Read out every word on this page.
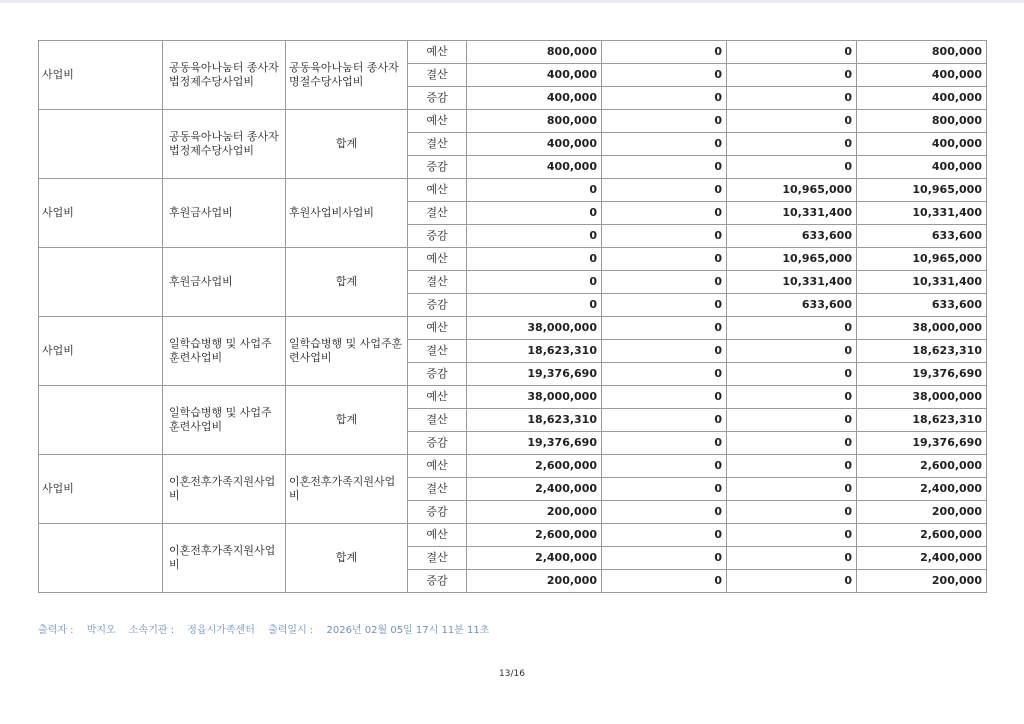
사업비	공동육아나눔터 종사자 법정제수당사업비	공동육아나눔터 종사자 명절수당사업비	예산	800,000	0	0	800,000
			결산	400,000	0	0	400,000
			증감	400,000	0	0	400,000
	공동육아나눔터 종사자 법정제수당사업비	합계	예산	800,000	0	0	800,000
			결산	400,000	0	0	400,000
			증감	400,000	0	0	400,000
사업비	후원금사업비	후원사업비사업비	예산	0	0	10,965,000	10,965,000
			결산	0	0	10,331,400	10,331,400
			증감	0	0	633,600	633,600
	후원금사업비	합계	예산	0	0	10,965,000	10,965,000
			결산	0	0	10,331,400	10,331,400
			증감	0	0	633,600	633,600
사업비	일학습병행 및 사업주 훈련사업비	일학습병행 및 사업주훈련사업비	예산	38,000,000	0	0	38,000,000
			결산	18,623,310	0	0	18,623,310
			증감	19,376,690	0	0	19,376,690
	일학습병행 및 사업주 훈련사업비	합계	예산	38,000,000	0	0	38,000,000
			결산	18,623,310	0	0	18,623,310
			증감	19,376,690	0	0	19,376,690
사업비	이혼전후가족지원사업비	이혼전후가족지원사업비	예산	2,600,000	0	0	2,600,000
			결산	2,400,000	0	0	2,400,000
			증감	200,000	0	0	200,000
	이혼전후가족지원사업비	합계	예산	2,600,000	0	0	2,600,000
			결산	2,400,000	0	0	2,400,000
			증감	200,000	0	0	200,000
출력자 : 박지오 소속기관 : 정읍시가족센터 출력일시 : 2026년 02월 05일 17시 11분 11초
13/16
